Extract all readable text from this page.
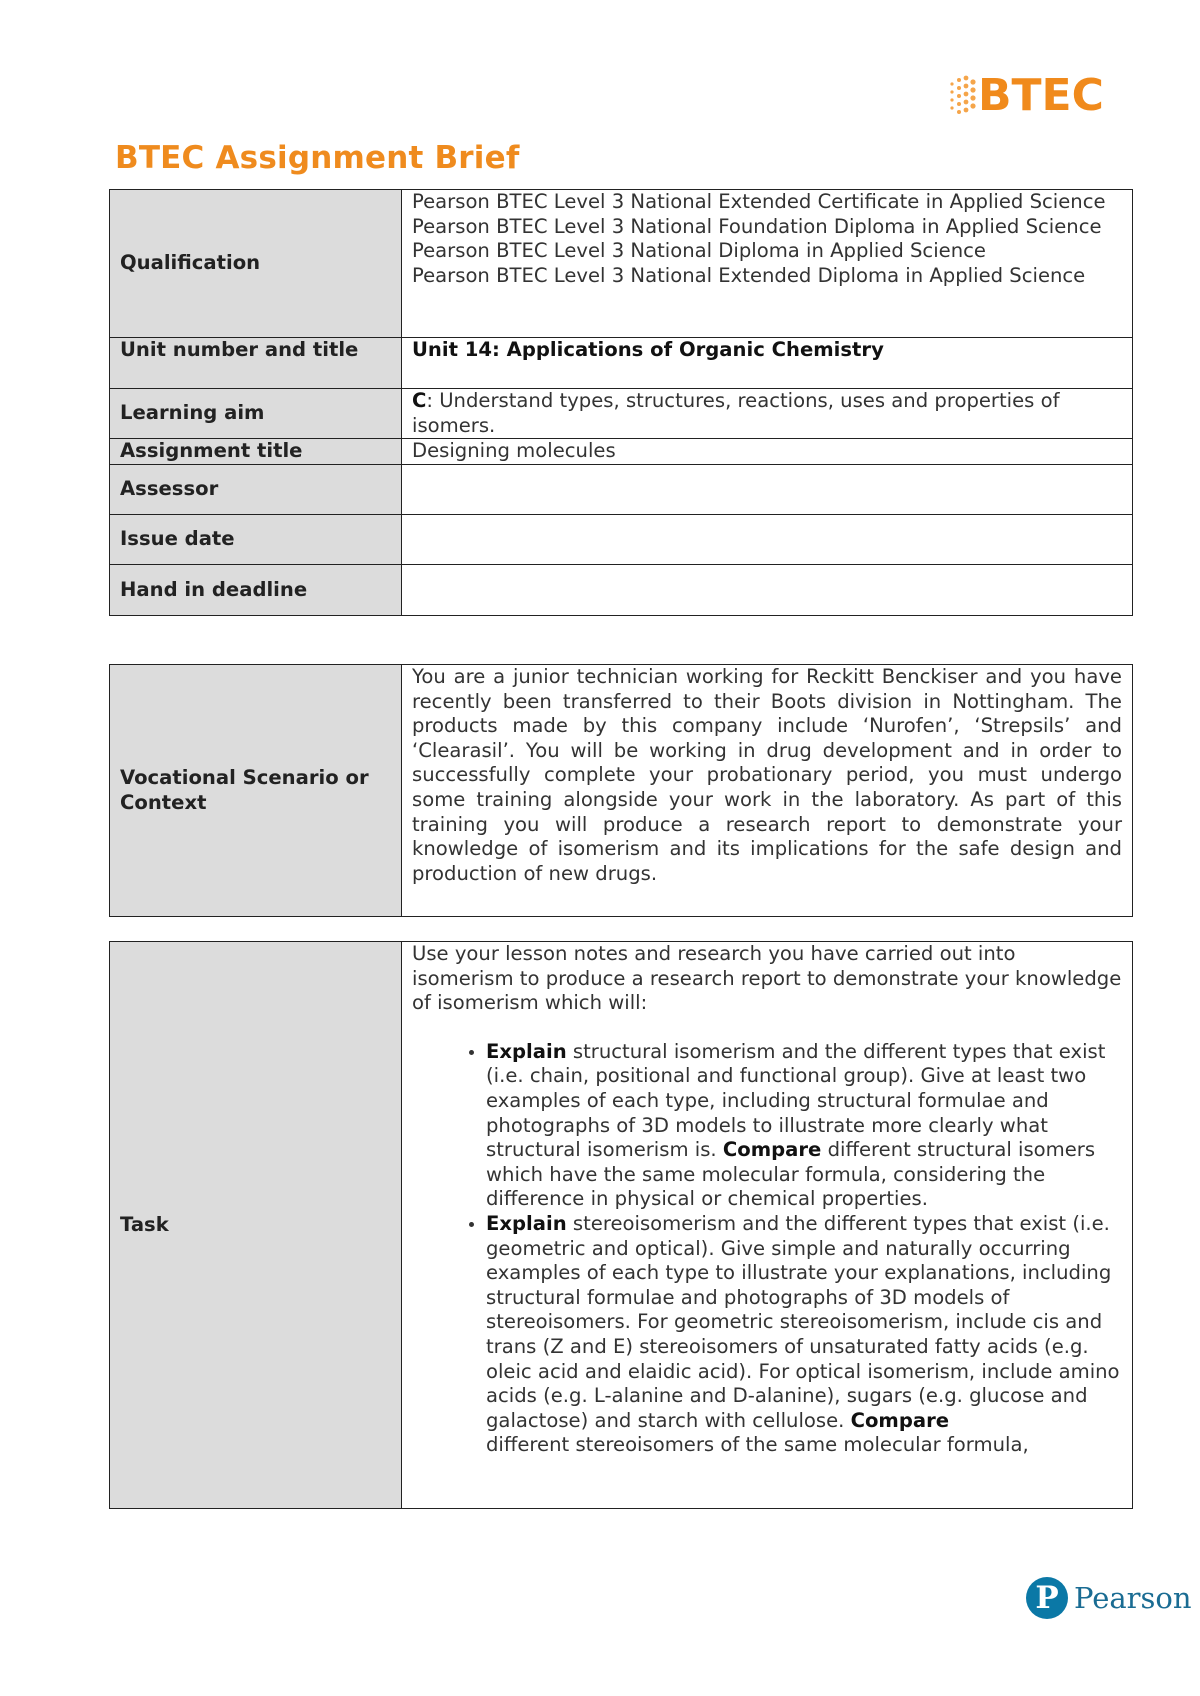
BTEC
BTEC Assignment Brief
Qualification	Pearson BTEC Level 3 National Extended Certificate in Applied Science
Pearson BTEC Level 3 National Foundation Diploma in Applied Science
Pearson BTEC Level 3 National Diploma in Applied Science
Pearson BTEC Level 3 National Extended Diploma in Applied Science

Unit number and title	Unit 14: Applications of Organic Chemistry
Learning aim	C: Understand types, structures, reactions, uses and properties of isomers.
Assignment title	Designing molecules
Assessor	
Issue date	
Hand in deadline	
Vocational Scenario or Context	You are a junior technician working for Reckitt Benckiser and you have recently been transferred to their Boots division in Nottingham. The products made by this company include ‘Nurofen’, ‘Strepsils’ and ‘Clearasil’. You will be working in drug development and in order to successfully complete your probationary period, you must undergo some training alongside your work in the laboratory. As part of this training you will produce a research report to demonstrate your knowledge of isomerism and its implications for the safe design and production of new drugs.
Task	
Use your lesson notes and research you have carried out into isomerism to produce a research report to demonstrate your knowledge of isomerism which will:
• Explain structural isomerism and the different types that exist (i.e. chain, positional and functional group). Give at least two examples of each type, including structural formulae and photographs of 3D models to illustrate more clearly what structural isomerism is. Compare different structural isomers which have the same molecular formula, considering the difference in physical or chemical properties.
• Explain stereoisomerism and the different types that exist (i.e. geometric and optical). Give simple and naturally occurring examples of each type to illustrate your explanations, including structural formulae and photographs of 3D models of stereoisomers. For geometric stereoisomerism, include cis and trans (Z and E) stereoisomers of unsaturated fatty acids (e.g. oleic acid and elaidic acid). For optical isomerism, include amino acids (e.g. L-alanine and D-alanine), sugars (e.g. glucose and galactose) and starch with cellulose. Compare
different stereoisomers of the same molecular formula,
P Pearson
